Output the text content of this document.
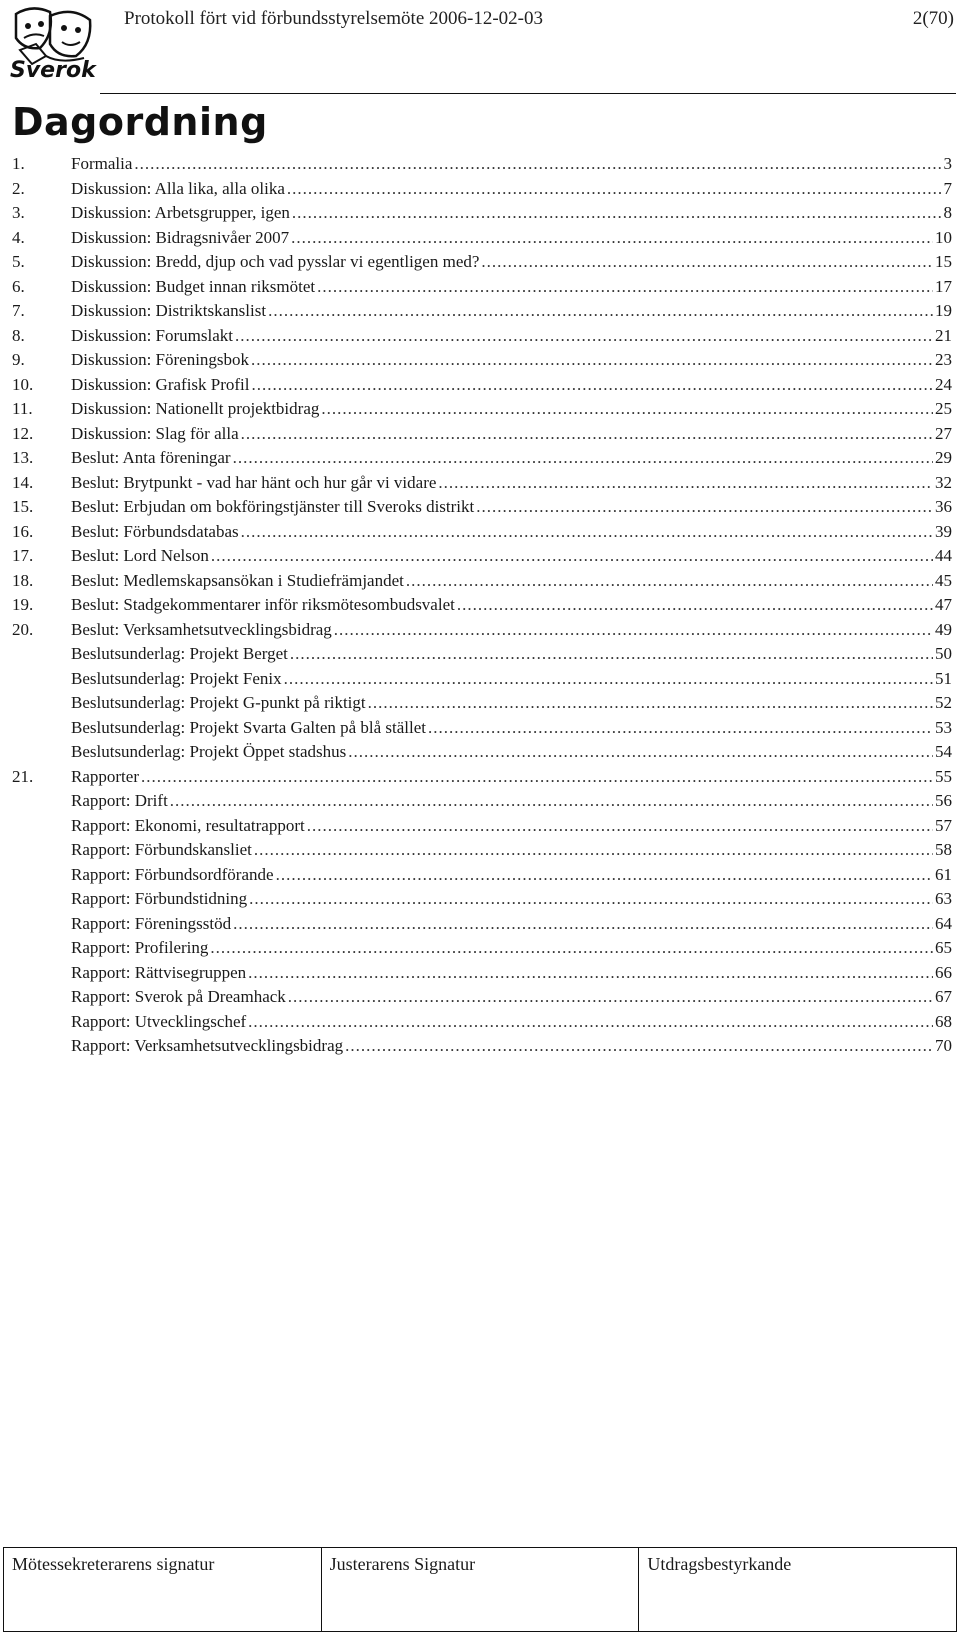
Sverok
Protokoll fört vid förbundsstyrelsemöte 2006-12-02-03	2(70)
Dagordning
1.	Formalia .....	3
2.	Diskussion: Alla lika, alla olika .....	7
3.	Diskussion: Arbetsgrupper, igen .....	8
4.	Diskussion: Bidragsnivåer 2007 .....	10
5.	Diskussion: Bredd, djup och vad pysslar vi egentligen med? .....	15
6.	Diskussion: Budget innan riksmötet .....	17
7.	Diskussion: Distriktskanslist .....	19
8.	Diskussion: Forumslakt .....	21
9.	Diskussion: Föreningsbok .....	23
10.	Diskussion: Grafisk Profil .....	24
11.	Diskussion: Nationellt projektbidrag .....	25
12.	Diskussion: Slag för alla .....	27
13.	Beslut: Anta föreningar .....	29
14.	Beslut: Brytpunkt - vad har hänt och hur går vi vidare .....	32
15.	Beslut: Erbjudan om bokföringstjänster till Sveroks distrikt .....	36
16.	Beslut: Förbundsdatabas .....	39
17.	Beslut: Lord Nelson .....	44
18.	Beslut: Medlemskapsansökan i Studiefrämjandet .....	45
19.	Beslut: Stadgekommentarer inför riksmötesombudsvalet .....	47
20.	Beslut: Verksamhetsutvecklingsbidrag .....	49
Beslutsunderlag: Projekt Berget .....	50
Beslutsunderlag: Projekt Fenix .....	51
Beslutsunderlag: Projekt G-punkt på riktigt .....	52
Beslutsunderlag: Projekt Svarta Galten på blå stället .....	53
Beslutsunderlag: Projekt Öppet stadshus .....	54
21.	Rapporter .....	55
Rapport: Drift .....	56
Rapport: Ekonomi, resultatrapport .....	57
Rapport: Förbundskansliet .....	58
Rapport: Förbundsordförande .....	61
Rapport: Förbundstidning .....	63
Rapport: Föreningsstöd .....	64
Rapport: Profilering .....	65
Rapport: Rättvisegruppen .....	66
Rapport: Sverok på Dreamhack .....	67
Rapport: Utvecklingschef .....	68
Rapport: Verksamhetsutvecklingsbidrag .....	70
Mötessekreterarens signatur	Justerarens Signatur	Utdragsbestyrkande
